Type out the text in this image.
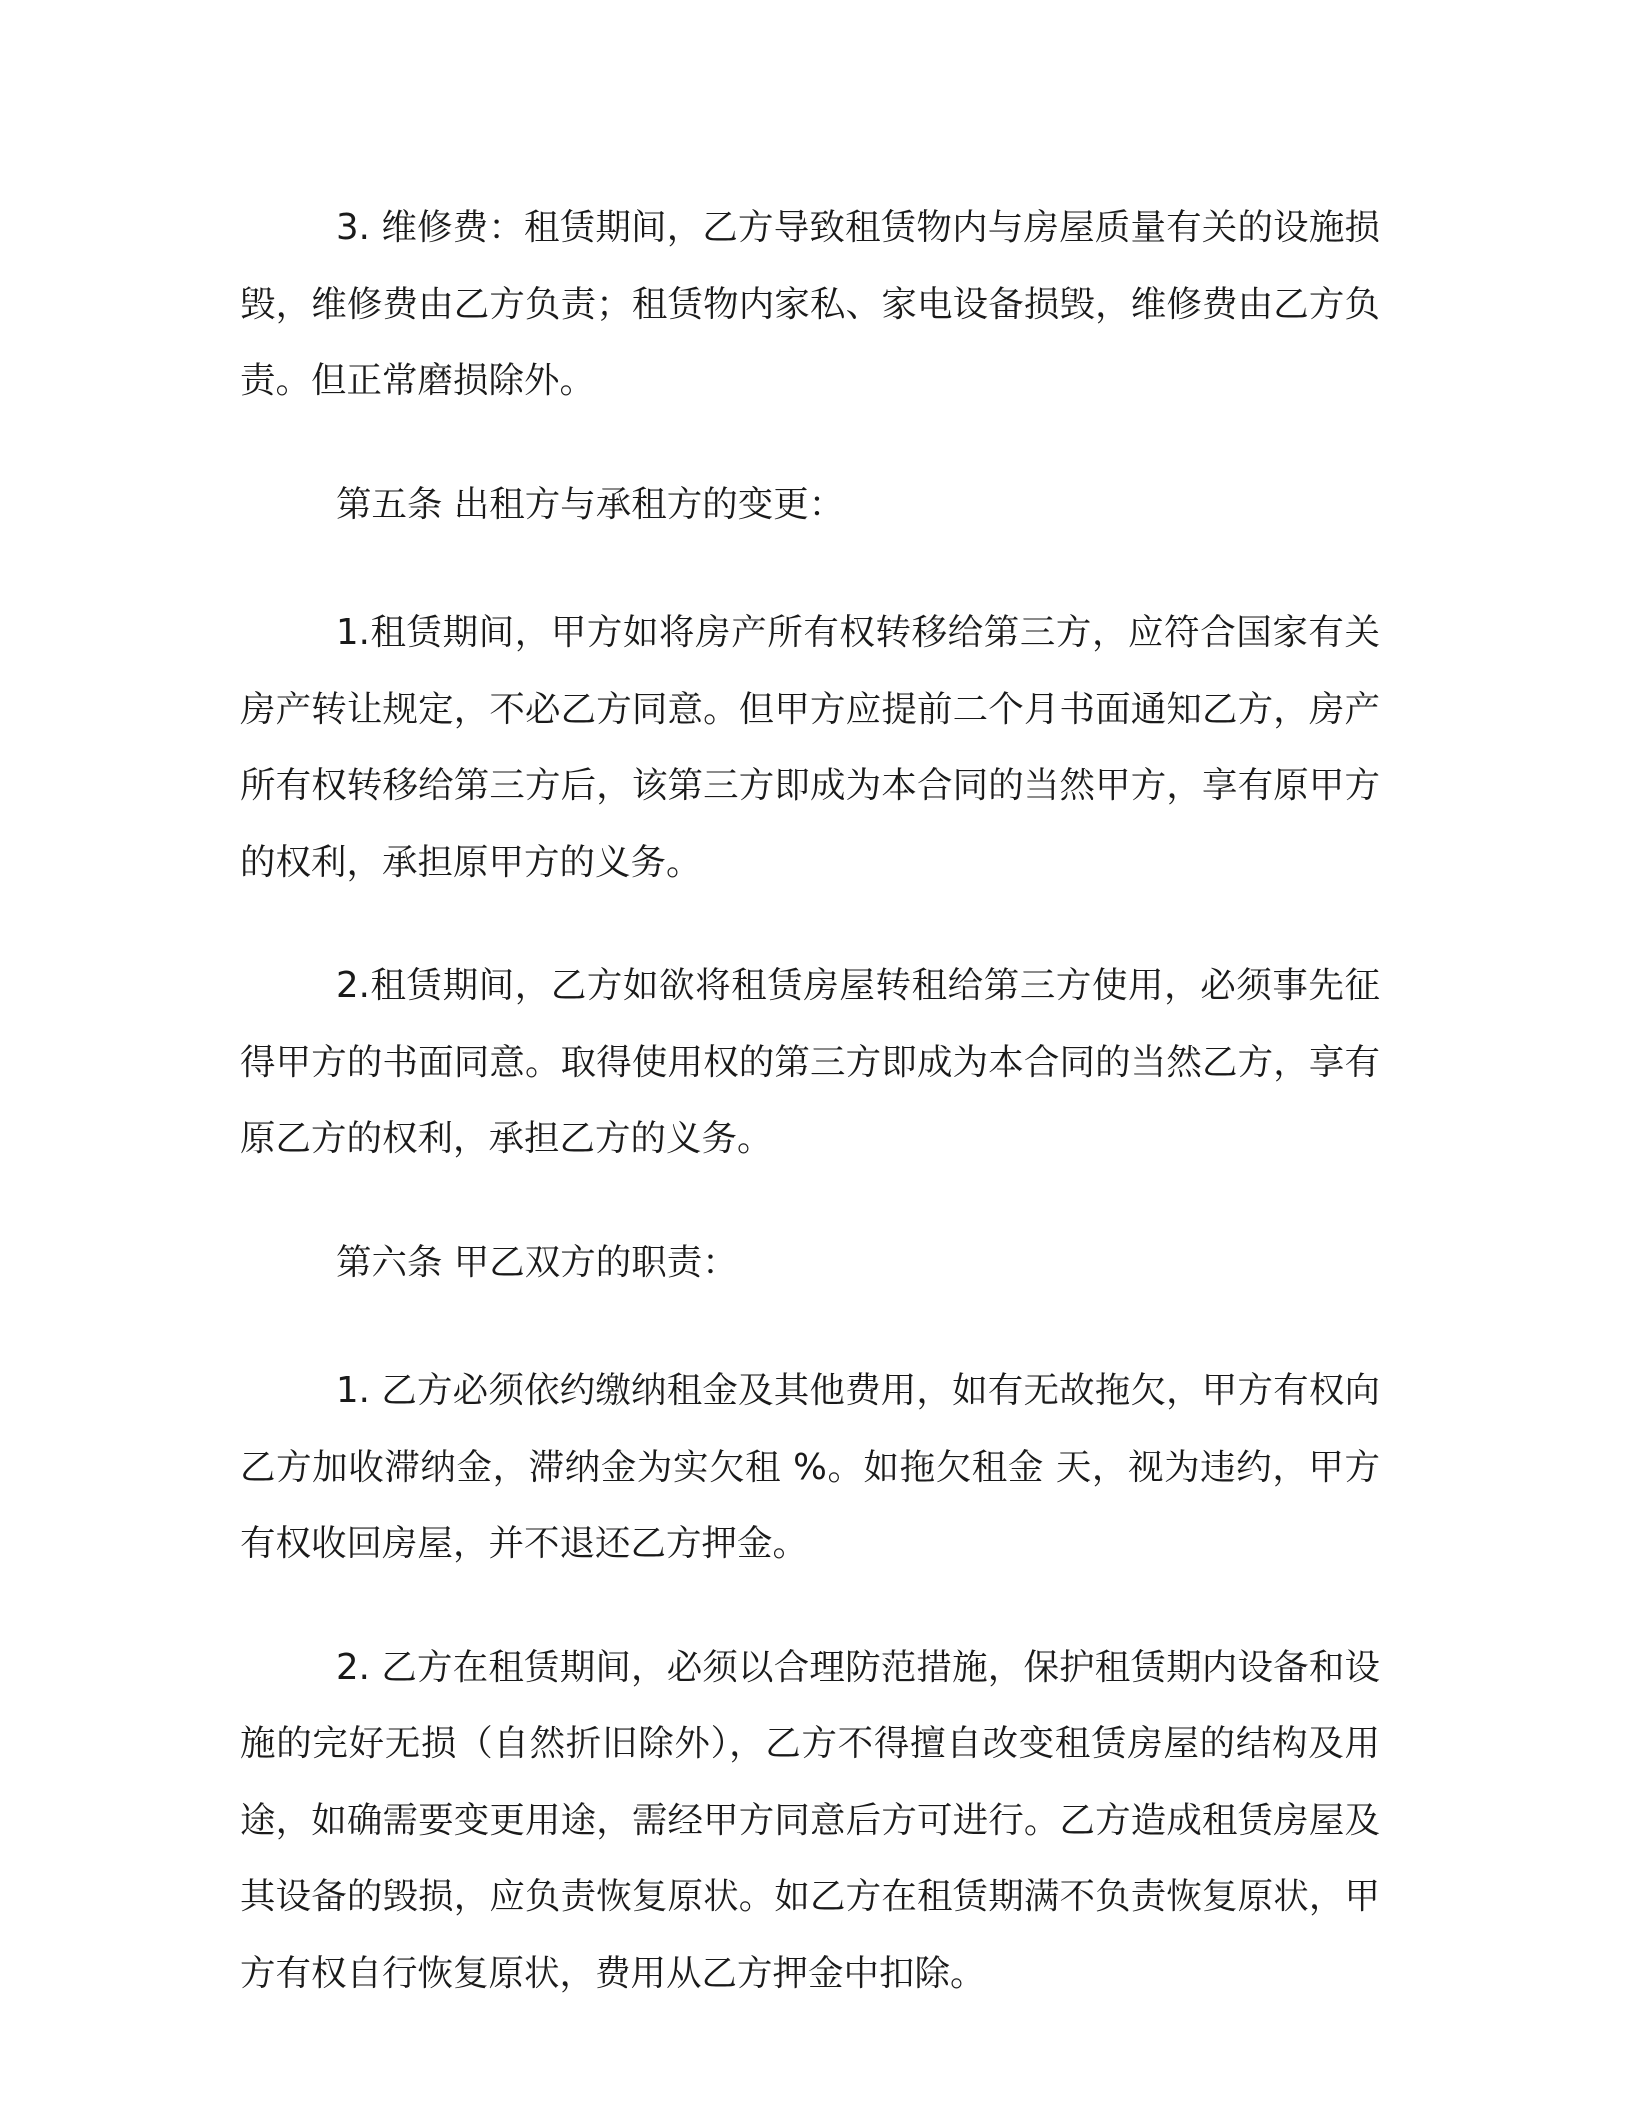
3. 维修费：租赁期间，乙方导致租赁物内与房屋质量有关的设施损毁，维修费由乙方负责；租赁物内家私、家电设备损毁，维修费由乙方负责。但正常磨损除外。

第五条 出租方与承租方的变更：

1.租赁期间，甲方如将房产所有权转移给第三方，应符合国家有关房产转让规定，不必乙方同意。但甲方应提前二个月书面通知乙方，房产所有权转移给第三方后，该第三方即成为本合同的当然甲方，享有原甲方的权利，承担原甲方的义务。

2.租赁期间，乙方如欲将租赁房屋转租给第三方使用，必须事先征得甲方的书面同意。取得使用权的第三方即成为本合同的当然乙方，享有原乙方的权利，承担乙方的义务。

第六条 甲乙双方的职责：

1. 乙方必须依约缴纳租金及其他费用，如有无故拖欠，甲方有权向乙方加收滞纳金，滞纳金为实欠租 %。如拖欠租金 天，视为违约，甲方有权收回房屋，并不退还乙方押金。

2. 乙方在租赁期间，必须以合理防范措施，保护租赁期内设备和设施的完好无损（自然折旧除外），乙方不得擅自改变租赁房屋的结构及用途，如确需要变更用途，需经甲方同意后方可进行。乙方造成租赁房屋及其设备的毁损，应负责恢复原状。如乙方在租赁期满不负责恢复原状，甲方有权自行恢复原状，费用从乙方押金中扣除。
